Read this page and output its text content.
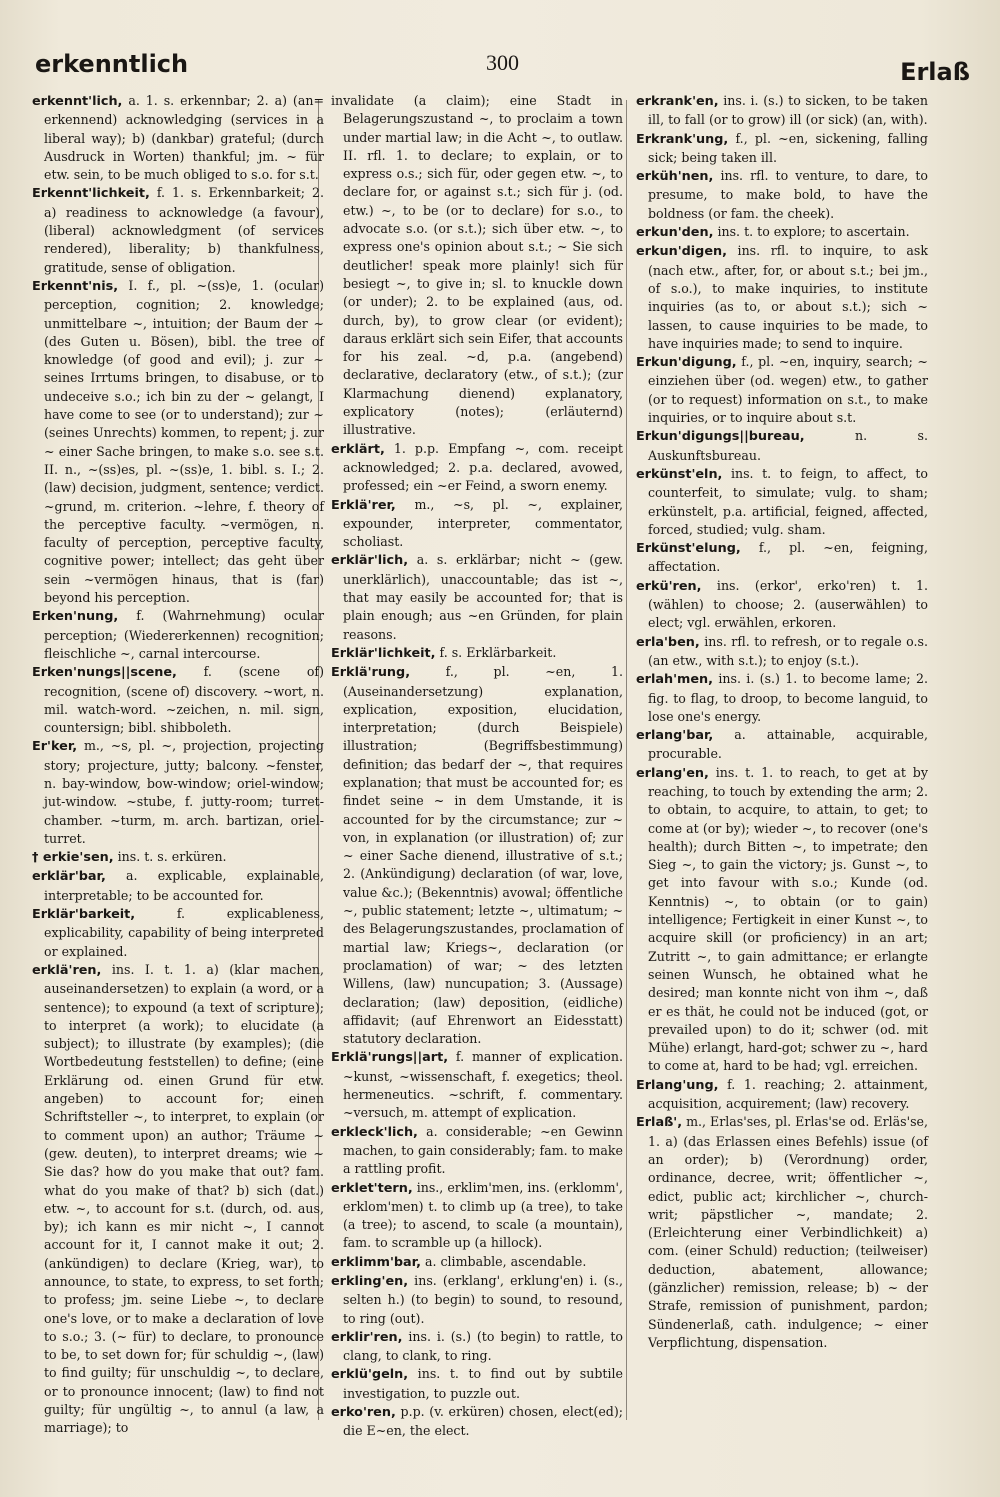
erkenntlich	300	Erlaß

erkennt'lich, a. 1. s. erkennbar; 2. a) (an= erkennend) acknowledging (services in a liberal way); b) (dankbar) grateful; (durch Ausdruck in Worten) thankful; jm. ~ für etw. sein, to be much obliged to s.o. for s.t.

Erkennt'lichkeit, f. 1. s. Erkennbarkeit; 2. a) readiness to acknowledge (a favour), (liberal) acknowledgment (of services rendered), liberality; b) thankfulness, gratitude, sense of obligation.

Erkennt'nis, I. f., pl. ~(ss)e, 1. (ocular) perception, cognition; 2. knowledge; unmittelbare ~, intuition; der Baum der ~ (des Guten u. Bösen), bibl. the tree of knowledge (of good and evil); j. zur ~ seines Irrtums bringen, to disabuse, or to undeceive s.o.; ich bin zu der ~ gelangt, I have come to see (or to understand); zur ~ (seines Unrechts) kommen, to repent; j. zur ~ einer Sache bringen, to make s.o. see s.t. II. n., ~(ss)es, pl. ~(ss)e, 1. bibl. s. I.; 2. (law) decision, judgment, sentence; verdict. ~grund, m. criterion. ~lehre, f. theory of the perceptive faculty. ~vermögen, n. faculty of perception, perceptive faculty, cognitive power; intellect; das geht über sein ~vermögen hinaus, that is (far) beyond his perception.

Erken'nung, f. (Wahrnehmung) ocular perception; (Wiedererkennen) recognition; fleischliche ~, carnal intercourse.

Erken'nungs||scene, f. (scene of) recognition, (scene of) discovery. ~wort, n. mil. watch-word. ~zeichen, n. mil. sign, countersign; bibl. shibboleth.

Er'ker, m., ~s, pl. ~, projection, projecting story; projecture, jutty; balcony. ~fenster, n. bay-window, bow-window; oriel-window; jut-window. ~stube, f. jutty-room; turret-chamber. ~turm, m. arch. bartizan, oriel-turret.

† erkie'sen, ins. t. s. erküren.

erklär'bar, a. explicable, explainable, interpretable; to be accounted for.

Erklär'barkeit, f. explicableness, explicability, capability of being interpreted or explained.

erklä'ren, ins. I. t. 1. a) (klar machen, auseinandersetzen) to explain (a word, or a sentence); to expound (a text of scripture); to interpret (a work); to elucidate (a subject); to illustrate (by examples); (die Wortbedeutung feststellen) to define; (eine Erklärung od. einen Grund für etw. angeben) to account for; einen Schriftsteller ~, to interpret, to explain (or to comment upon) an author; Träume ~ (gew. deuten), to interpret dreams; wie ~ Sie das? how do you make that out? fam. what do you make of that? b) sich (dat.) etw. ~, to account for s.t. (durch, od. aus, by); ich kann es mir nicht ~, I cannot account for it, I cannot make it out; 2. (ankündigen) to declare (Krieg, war), to announce, to state, to express, to set forth; to profess; jm. seine Liebe ~, to declare one's love, or to make a declaration of love to s.o.; 3. (~ für) to declare, to pronounce to be, to set down for; für schuldig ~, (law) to find guilty; für unschuldig ~, to declare, or to pronounce innocent; (law) to find not guilty; für ungültig ~, to annul (a law, a marriage); to

invalidate (a claim); eine Stadt in Belagerungszustand ~, to proclaim a town under martial law; in die Acht ~, to outlaw. II. rfl. 1. to declare; to explain, or to express o.s.; sich für, oder gegen etw. ~, to declare for, or against s.t.; sich für j. (od. etw.) ~, to be (or to declare) for s.o., to advocate s.o. (or s.t.); sich über etw. ~, to express one's opinion about s.t.; ~ Sie sich deutlicher! speak more plainly! sich für besiegt ~, to give in; sl. to knuckle down (or under); 2. to be explained (aus, od. durch, by), to grow clear (or evident); daraus erklärt sich sein Eifer, that accounts for his zeal. ~d, p.a. (angebend) declarative, declaratory (etw., of s.t.); (zur Klarmachung dienend) explanatory, explicatory (notes); (erläuternd) illustrative.

erklärt, 1. p.p. Empfang ~, com. receipt acknowledged; 2. p.a. declared, avowed, professed; ein ~er Feind, a sworn enemy.

Erklä'rer, m., ~s, pl. ~, explainer, expounder, interpreter, commentator, scholiast.

erklär'lich, a. s. erklärbar; nicht ~ (gew. unerklärlich), unaccountable; das ist ~, that may easily be accounted for; that is plain enough; aus ~en Gründen, for plain reasons.

Erklär'lichkeit, f. s. Erklärbarkeit.

Erklä'rung, f., pl. ~en, 1. (Auseinandersetzung) explanation, explication, exposition, elucidation, interpretation; (durch Beispiele) illustration; (Begriffsbestimmung) definition; das bedarf der ~, that requires explanation; that must be accounted for; es findet seine ~ in dem Umstande, it is accounted for by the circumstance; zur ~ von, in explanation (or illustration) of; zur ~ einer Sache dienend, illustrative of s.t.; 2. (Ankündigung) declaration (of war, love, value &c.); (Bekenntnis) avowal; öffentliche ~, public statement; letzte ~, ultimatum; ~ des Belagerungszustandes, proclamation of martial law; Kriegs~, declaration (or proclamation) of war; ~ des letzten Willens, (law) nuncupation; 3. (Aussage) declaration; (law) deposition, (eidliche) affidavit; (auf Ehrenwort an Eidesstatt) statutory declaration.

Erklä'rungs||art, f. manner of explication. ~kunst, ~wissenschaft, f. exegetics; theol. hermeneutics. ~schrift, f. commentary. ~versuch, m. attempt of explication.

erkleck'lich, a. considerable; ~en Gewinn machen, to gain considerably; fam. to make a rattling profit.

erklet'tern, ins., erklim'men, ins. (erklomm', erklom'men) t. to climb up (a tree), to take (a tree); to ascend, to scale (a mountain), fam. to scramble up (a hillock).

erklimm'bar, a. climbable, ascendable.

erkling'en, ins. (erklang', erklung'en) i. (s., selten h.) (to begin) to sound, to resound, to ring (out).

erklir'ren, ins. i. (s.) (to begin) to rattle, to clang, to clank, to ring.

erklü'geln, ins. t. to find out by subtile investigation, to puzzle out.

erko'ren, p.p. (v. erküren) chosen, elect(ed); die E~en, the elect.

erkrank'en, ins. i. (s.) to sicken, to be taken ill, to fall (or to grow) ill (or sick) (an, with).

Erkrank'ung, f., pl. ~en, sickening, falling sick; being taken ill.

erküh'nen, ins. rfl. to venture, to dare, to presume, to make bold, to have the boldness (or fam. the cheek).

erkun'den, ins. t. to explore; to ascertain.

erkun'digen, ins. rfl. to inquire, to ask (nach etw., after, for, or about s.t.; bei jm., of s.o.), to make inquiries, to institute inquiries (as to, or about s.t.); sich ~ lassen, to cause inquiries to be made, to have inquiries made; to send to inquire.

Erkun'digung, f., pl. ~en, inquiry, search; ~ einziehen über (od. wegen) etw., to gather (or to request) information on s.t., to make inquiries, or to inquire about s.t.

Erkun'digungs||bureau, n. s. Auskunftsbureau.

erkünst'eln, ins. t. to feign, to affect, to counterfeit, to simulate; vulg. to sham; erkünstelt, p.a. artificial, feigned, affected, forced, studied; vulg. sham.

Erkünst'elung, f., pl. ~en, feigning, affectation.

erkü'ren, ins. (erkor', erko'ren) t. 1. (wählen) to choose; 2. (auserwählen) to elect; vgl. erwählen, erkoren.

erla'ben, ins. rfl. to refresh, or to regale o.s. (an etw., with s.t.); to enjoy (s.t.).

erlah'men, ins. i. (s.) 1. to become lame; 2. fig. to flag, to droop, to become languid, to lose one's energy.

erlang'bar, a. attainable, acquirable, procurable.

erlang'en, ins. t. 1. to reach, to get at by reaching, to touch by extending the arm; 2. to obtain, to acquire, to attain, to get; to come at (or by); wieder ~, to recover (one's health); durch Bitten ~, to impetrate; den Sieg ~, to gain the victory; js. Gunst ~, to get into favour with s.o.; Kunde (od. Kenntnis) ~, to obtain (or to gain) intelligence; Fertigkeit in einer Kunst ~, to acquire skill (or proficiency) in an art; Zutritt ~, to gain admittance; er erlangte seinen Wunsch, he obtained what he desired; man konnte nicht von ihm ~, daß er es thät, he could not be induced (got, or prevailed upon) to do it; schwer (od. mit Mühe) erlangt, hard-got; schwer zu ~, hard to come at, hard to be had; vgl. erreichen.

Erlang'ung, f. 1. reaching; 2. attainment, acquisition, acquirement; (law) recovery.

Erlaß', m., Erlas'ses, pl. Erlas'se od. Erläs'se, 1. a) (das Erlassen eines Befehls) issue (of an order); b) (Verordnung) order, ordinance, decree, writ; öffentlicher ~, edict, public act; kirchlicher ~, church-writ; päpstlicher ~, mandate; 2. (Erleichterung einer Verbindlichkeit) a) com. (einer Schuld) reduction; (teilweiser) deduction, abatement, allowance; (gänzlicher) remission, release; b) ~ der Strafe, remission of punishment, pardon; Sündenerlaß, cath. indulgence; ~ einer Verpflichtung, dispensation.
